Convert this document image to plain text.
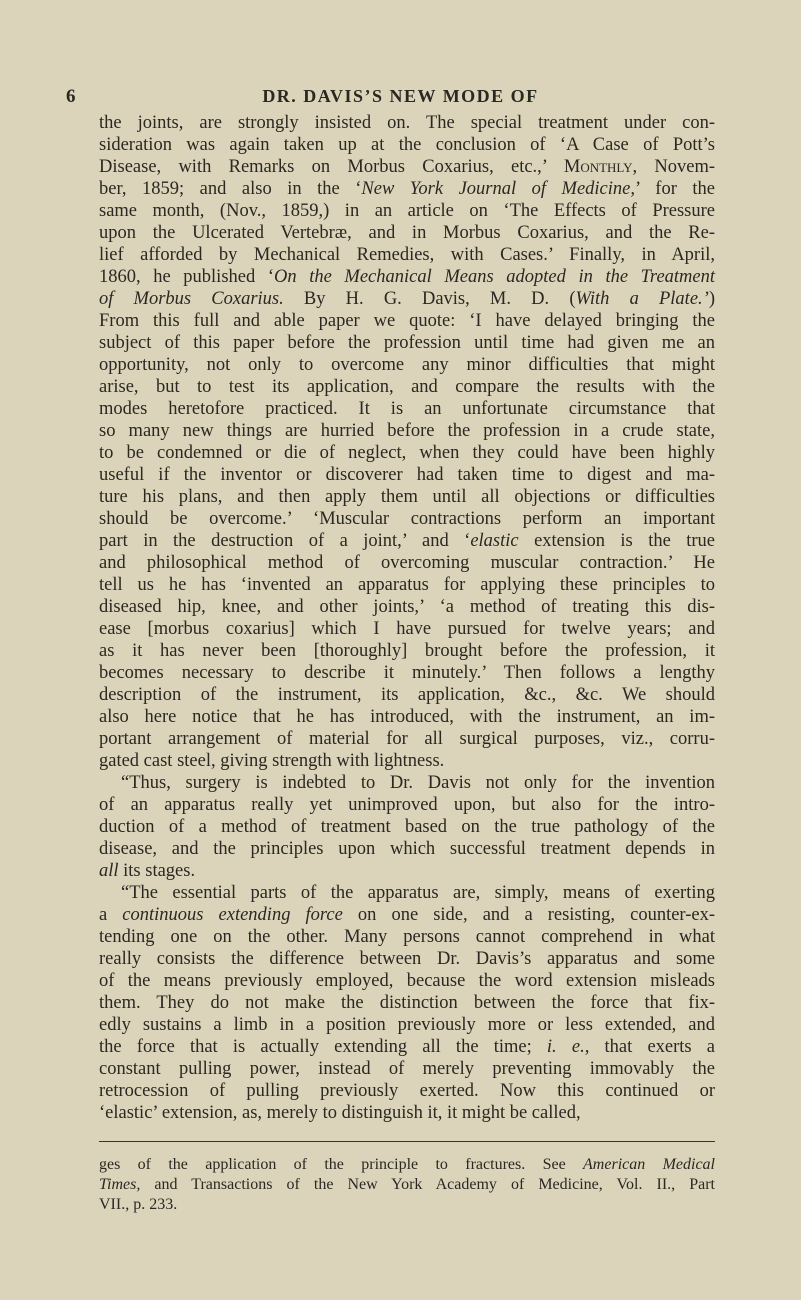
6	DR. DAVIS’S NEW MODE OF
the joints, are strongly insisted on. The special treatment under con-
sideration was again taken up at the conclusion of ‘A Case of Pott’s
Disease, with Remarks on Morbus Coxarius, etc.,’ Monthly, Novem-
ber, 1859; and also in the ‘New York Journal of Medicine,’ for the
same month, (Nov., 1859,) in an article on ‘The Effects of Pressure
upon the Ulcerated Vertebræ, and in Morbus Coxarius, and the Re-
lief afforded by Mechanical Remedies, with Cases.’ Finally, in April,
1860, he published ‘On the Mechanical Means adopted in the Treatment
of Morbus Coxarius. By H. G. Davis, M. D. (With a Plate.’)
From this full and able paper we quote: ‘I have delayed bringing the
subject of this paper before the profession until time had given me an
opportunity, not only to overcome any minor difficulties that might
arise, but to test its application, and compare the results with the
modes heretofore practiced. It is an unfortunate circumstance that
so many new things are hurried before the profession in a crude state,
to be condemned or die of neglect, when they could have been highly
useful if the inventor or discoverer had taken time to digest and ma-
ture his plans, and then apply them until all objections or difficulties
should be overcome.’ ‘Muscular contractions perform an important
part in the destruction of a joint,’ and ‘elastic extension is the true
and philosophical method of overcoming muscular contraction.’ He
tell us he has ‘invented an apparatus for applying these principles to
diseased hip, knee, and other joints,’ ‘a method of treating this dis-
ease [morbus coxarius] which I have pursued for twelve years; and
as it has never been [thoroughly] brought before the profession, it
becomes necessary to describe it minutely.’ Then follows a lengthy
description of the instrument, its application, &c., &c. We should
also here notice that he has introduced, with the instrument, an im-
portant arrangement of material for all surgical purposes, viz., corru-
gated cast steel, giving strength with lightness.
“Thus, surgery is indebted to Dr. Davis not only for the invention
of an apparatus really yet unimproved upon, but also for the intro-
duction of a method of treatment based on the true pathology of the
disease, and the principles upon which successful treatment depends in
all its stages.
“The essential parts of the apparatus are, simply, means of exerting
a continuous extending force on one side, and a resisting, counter-ex-
tending one on the other. Many persons cannot comprehend in what
really consists the difference between Dr. Davis’s apparatus and some
of the means previously employed, because the word extension misleads
them. They do not make the distinction between the force that fix-
edly sustains a limb in a position previously more or less extended, and
the force that is actually extending all the time; i. e., that exerts a
constant pulling power, instead of merely preventing immovably the
retrocession of pulling previously exerted. Now this continued or
‘elastic’ extension, as, merely to distinguish it, it might be called,
ges of the application of the principle to fractures. See American Medical
Times, and Transactions of the New York Academy of Medicine, Vol. II., Part
VII., p. 233.
